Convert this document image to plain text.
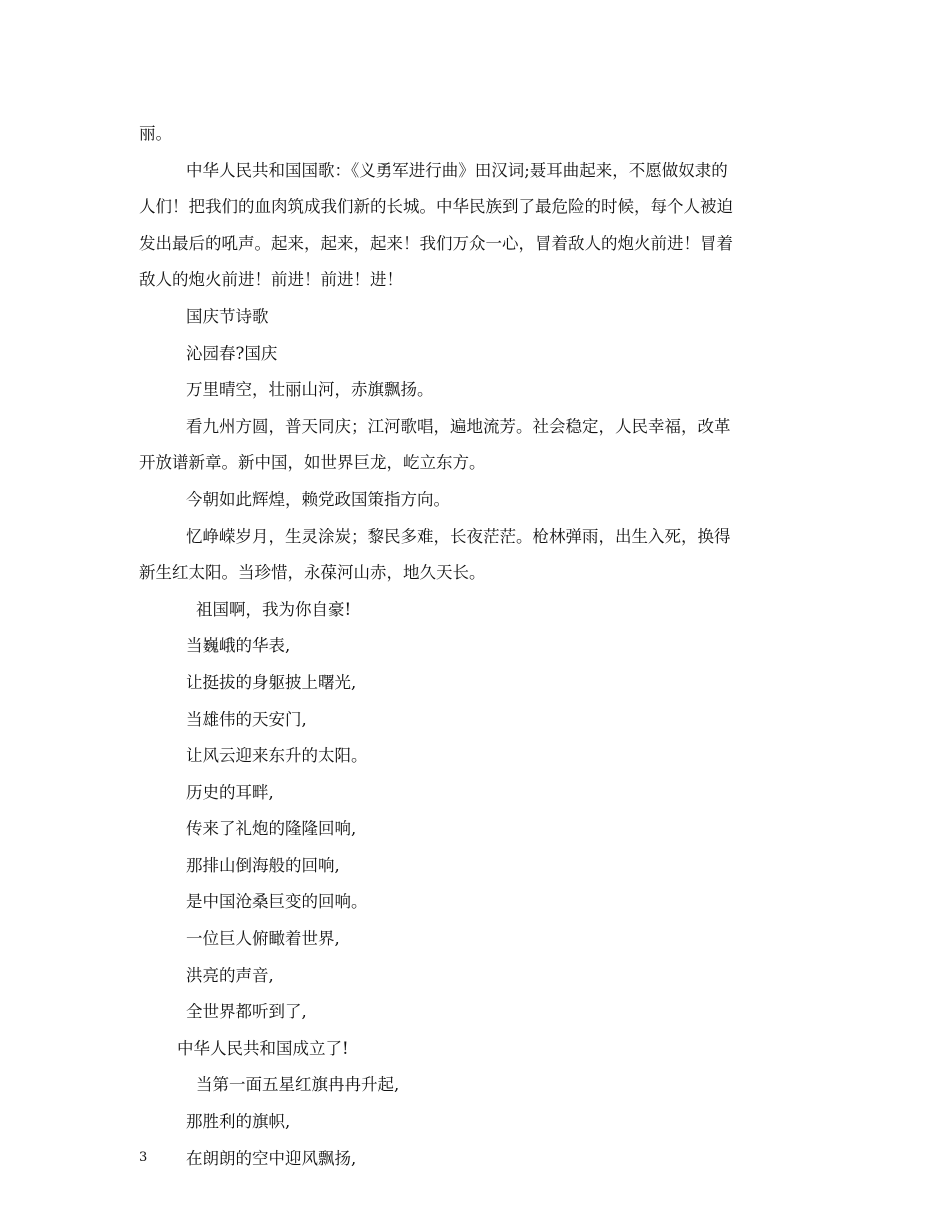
丽。

中华人民共和国国歌：《义勇军进行曲》田汉词;聂耳曲起来，不愿做奴隶的

人们！把我们的血肉筑成我们新的长城。中华民族到了最危险的时候，每个人被迫

发出最后的吼声。起来，起来，起来！我们万众一心，冒着敌人的炮火前进！冒着

敌人的炮火前进！前进！前进！进！

国庆节诗歌

沁园春?国庆

万里晴空，壮丽山河，赤旗飘扬。

看九州方圆，普天同庆；江河歌唱，遍地流芳。社会稳定，人民幸福，改革

开放谱新章。新中国，如世界巨龙，屹立东方。

今朝如此辉煌，赖党政国策指方向。

忆峥嵘岁月，生灵涂炭；黎民多难，长夜茫茫。枪林弹雨，出生入死，换得

新生红太阳。当珍惜，永葆河山赤，地久天长。

祖国啊，我为你自豪!

当巍峨的华表,

让挺拔的身躯披上曙光,

当雄伟的天安门,

让风云迎来东升的太阳。

历史的耳畔,

传来了礼炮的隆隆回响,

那排山倒海般的回响,

是中国沧桑巨变的回响。

一位巨人俯瞰着世界,

洪亮的声音,

全世界都听到了,

中华人民共和国成立了!

当第一面五星红旗冉冉升起,

那胜利的旗帜,

在朗朗的空中迎风飘扬,

3
